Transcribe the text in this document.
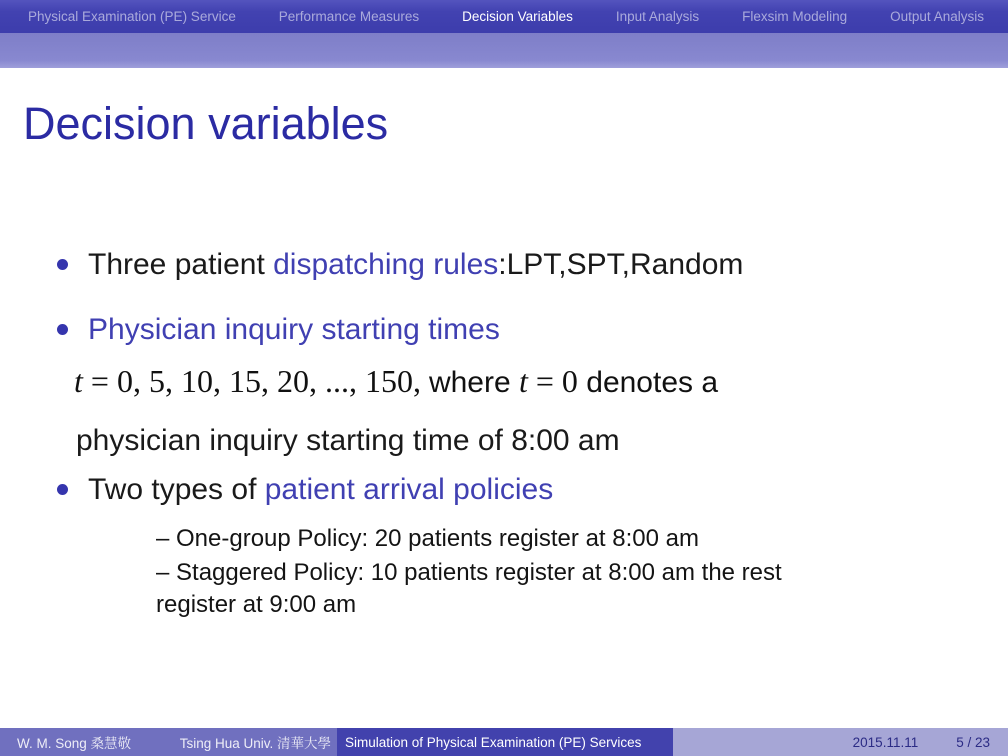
Physical Examination (PE) Service	Performance Measures	Decision Variables	Input Analysis	Flexsim Modeling	Output Analysis
Decision variables
Three patient dispatching rules:LPT,SPT,Random
Physician inquiry starting times
t = 0, 5, 10, 15, 20, ..., 150, where t = 0 denotes a
physician inquiry starting time of 8:00 am
Two types of patient arrival policies
– One-group Policy: 20 patients register at 8:00 am
– Staggered Policy: 10 patients register at 8:00 am the rest
register at 9:00 am
W. M. Song 桑慧敬	Tsing Hua Univ. 清華大學 Simulation of Physical Examination (PE) Services	2015.11.11	5 / 23
